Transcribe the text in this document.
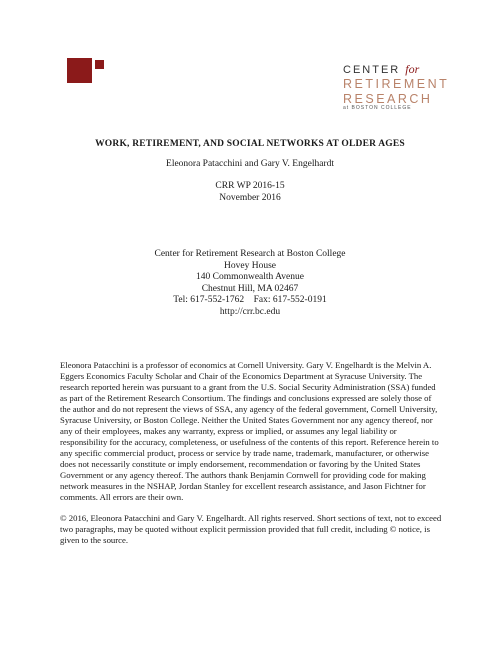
CENTER for
RETIREMENT
RESEARCH
at BOSTON COLLEGE
WORK, RETIREMENT, AND SOCIAL NETWORKS AT OLDER AGES
Eleonora Patacchini and Gary V. Engelhardt
CRR WP 2016-15
November 2016
Center for Retirement Research at Boston College
Hovey House
140 Commonwealth Avenue
Chestnut Hill, MA 02467
Tel: 617-552-1762    Fax: 617-552-0191
http://crr.bc.edu

Eleonora Patacchini is a professor of economics at Cornell University. Gary V. Engelhardt is the Melvin A. Eggers Economics Faculty Scholar and Chair of the Economics Department at Syracuse University. The research reported herein was pursuant to a grant from the U.S. Social Security Administration (SSA) funded as part of the Retirement Research Consortium. The findings and conclusions expressed are solely those of the author and do not represent the views of SSA, any agency of the federal government, Cornell University, Syracuse University, or Boston College. Neither the United States Government nor any agency thereof, nor any of their employees, makes any warranty, express or implied, or assumes any legal liability or responsibility for the accuracy, completeness, or usefulness of the contents of this report. Reference herein to any specific commercial product, process or service by trade name, trademark, manufacturer, or otherwise does not necessarily constitute or imply endorsement, recommendation or favoring by the United States Government or any agency thereof. The authors thank Benjamin Cornwell for providing code for making network measures in the NSHAP, Jordan Stanley for excellent research assistance, and Jason Fichtner for comments. All errors are their own.

© 2016, Eleonora Patacchini and Gary V. Engelhardt. All rights reserved. Short sections of text, not to exceed two paragraphs, may be quoted without explicit permission provided that full credit, including © notice, is given to the source.
